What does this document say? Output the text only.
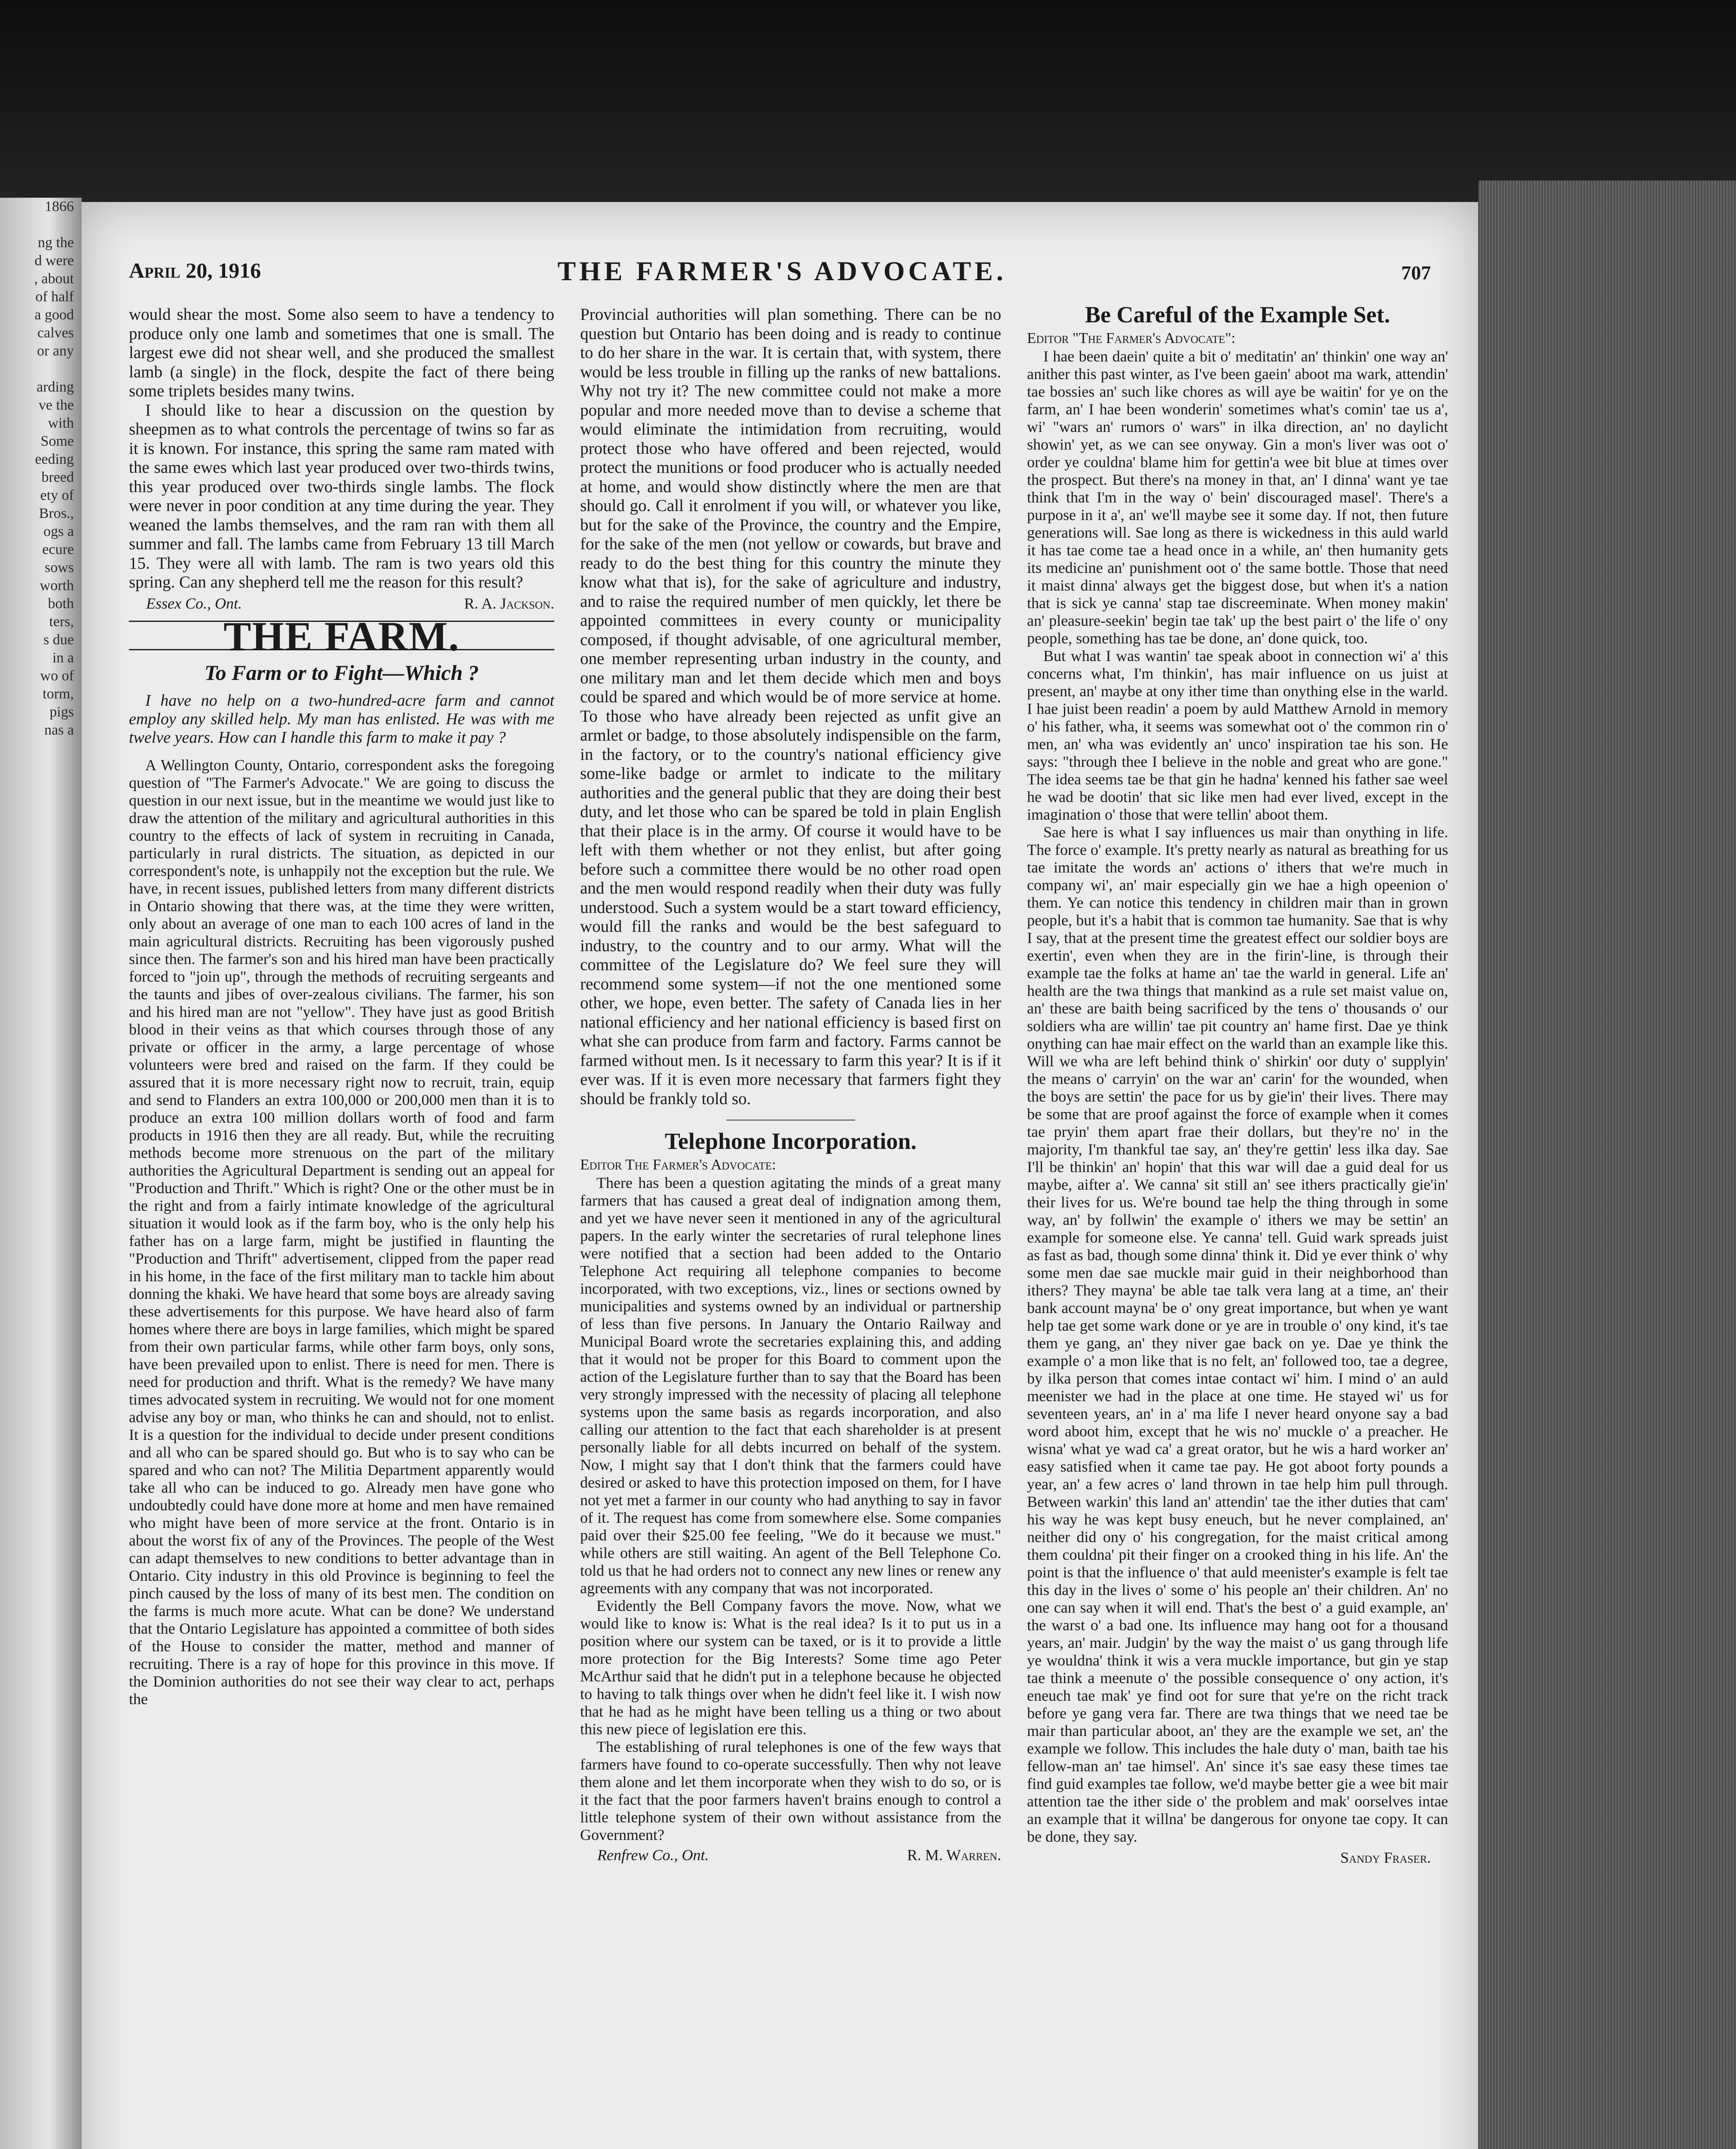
1866

ng the
d were
, about
of half
a good
calves
or any

arding
ve the
with
Some
eeding
breed
ety of
Bros.,
ogs a
ecure
sows
worth
both
ters,
s due
in a
wo of
torm,
pigs
nas a
April 20, 1916	THE FARMER'S ADVOCATE.	707

would shear the most. Some also seem to have a tendency to produce only one lamb and sometimes that one is small. The largest ewe did not shear well, and she produced the smallest lamb (a single) in the flock, despite the fact of there being some triplets besides many twins.

I should like to hear a discussion on the question by sheepmen as to what controls the percentage of twins so far as it is known. For instance, this spring the same ram mated with the same ewes which last year produced over two-thirds twins, this year produced over two-thirds single lambs. The flock were never in poor condition at any time during the year. They weaned the lambs themselves, and the ram ran with them all summer and fall. The lambs came from February 13 till March 15. They were all with lamb. The ram is two years old this spring. Can any shepherd tell me the reason for this result?

Essex Co., Ont.	R. A. Jackson.
THE FARM.
To Farm or to Fight—Which ?

I have no help on a two-hundred-acre farm and cannot employ any skilled help. My man has enlisted. He was with me twelve years. How can I handle this farm to make it pay ?

A Wellington County, Ontario, correspondent asks the foregoing question of "The Farmer's Advocate." We are going to discuss the question in our next issue, but in the meantime we would just like to draw the attention of the military and agricultural authorities in this country to the effects of lack of system in recruiting in Canada, particularly in rural districts. The situation, as depicted in our correspondent's note, is unhappily not the exception but the rule. We have, in recent issues, published letters from many different districts in Ontario showing that there was, at the time they were written, only about an average of one man to each 100 acres of land in the main agricultural districts. Recruiting has been vigorously pushed since then. The farmer's son and his hired man have been practically forced to "join up", through the methods of recruiting sergeants and the taunts and jibes of over-zealous civilians. The farmer, his son and his hired man are not "yellow". They have just as good British blood in their veins as that which courses through those of any private or officer in the army, a large percentage of whose volunteers were bred and raised on the farm. If they could be assured that it is more necessary right now to recruit, train, equip and send to Flanders an extra 100,000 or 200,000 men than it is to produce an extra 100 million dollars worth of food and farm products in 1916 then they are all ready. But, while the recruiting methods become more strenuous on the part of the military authorities the Agricultural Department is sending out an appeal for "Production and Thrift." Which is right? One or the other must be in the right and from a fairly intimate knowledge of the agricultural situation it would look as if the farm boy, who is the only help his father has on a large farm, might be justified in flaunting the "Production and Thrift" advertisement, clipped from the paper read in his home, in the face of the first military man to tackle him about donning the khaki. We have heard that some boys are already saving these advertisements for this purpose. We have heard also of farm homes where there are boys in large families, which might be spared from their own particular farms, while other farm boys, only sons, have been prevailed upon to enlist. There is need for men. There is need for production and thrift. What is the remedy? We have many times advocated system in recruiting. We would not for one moment advise any boy or man, who thinks he can and should, not to enlist. It is a question for the individual to decide under present conditions and all who can be spared should go. But who is to say who can be spared and who can not? The Militia Department apparently would take all who can be induced to go. Already men have gone who undoubtedly could have done more at home and men have remained who might have been of more service at the front. Ontario is in about the worst fix of any of the Provinces. The people of the West can adapt themselves to new conditions to better advantage than in Ontario. City industry in this old Province is beginning to feel the pinch caused by the loss of many of its best men. The condition on the farms is much more acute. What can be done? We understand that the Ontario Legislature has appointed a committee of both sides of the House to consider the matter, method and manner of recruiting. There is a ray of hope for this province in this move. If the Dominion authorities do not see their way clear to act, perhaps the

Provincial authorities will plan something. There can be no question but Ontario has been doing and is ready to continue to do her share in the war. It is certain that, with system, there would be less trouble in filling up the ranks of new battalions. Why not try it? The new committee could not make a more popular and more needed move than to devise a scheme that would eliminate the intimidation from recruiting, would protect those who have offered and been rejected, would protect the munitions or food producer who is actually needed at home, and would show distinctly where the men are that should go. Call it enrolment if you will, or whatever you like, but for the sake of the Province, the country and the Empire, for the sake of the men (not yellow or cowards, but brave and ready to do the best thing for this country the minute they know what that is), for the sake of agriculture and industry, and to raise the required number of men quickly, let there be appointed committees in every county or municipality composed, if thought advisable, of one agricultural member, one member representing urban industry in the county, and one military man and let them decide which men and boys could be spared and which would be of more service at home. To those who have already been rejected as unfit give an armlet or badge, to those absolutely indispensible on the farm, in the factory, or to the country's national efficiency give some-like badge or armlet to indicate to the military authorities and the general public that they are doing their best duty, and let those who can be spared be told in plain English that their place is in the army. Of course it would have to be left with them whether or not they enlist, but after going before such a committee there would be no other road open and the men would respond readily when their duty was fully understood. Such a system would be a start toward efficiency, would fill the ranks and would be the best safeguard to industry, to the country and to our army. What will the committee of the Legislature do? We feel sure they will recommend some system—if not the one mentioned some other, we hope, even better. The safety of Canada lies in her national efficiency and her national efficiency is based first on what she can produce from farm and factory. Farms cannot be farmed without men. Is it necessary to farm this year? It is if it ever was. If it is even more necessary that farmers fight they should be frankly told so.

Telephone Incorporation.

Editor The Farmer's Advocate:

There has been a question agitating the minds of a great many farmers that has caused a great deal of indignation among them, and yet we have never seen it mentioned in any of the agricultural papers. In the early winter the secretaries of rural telephone lines were notified that a section had been added to the Ontario Telephone Act requiring all telephone companies to become incorporated, with two exceptions, viz., lines or sections owned by municipalities and systems owned by an individual or partnership of less than five persons. In January the Ontario Railway and Municipal Board wrote the secretaries explaining this, and adding that it would not be proper for this Board to comment upon the action of the Legislature further than to say that the Board has been very strongly impressed with the necessity of placing all telephone systems upon the same basis as regards incorporation, and also calling our attention to the fact that each shareholder is at present personally liable for all debts incurred on behalf of the system. Now, I might say that I don't think that the farmers could have desired or asked to have this protection imposed on them, for I have not yet met a farmer in our county who had anything to say in favor of it. The request has come from somewhere else. Some companies paid over their $25.00 fee feeling, "We do it because we must." while others are still waiting. An agent of the Bell Telephone Co. told us that he had orders not to connect any new lines or renew any agreements with any company that was not incorporated.

Evidently the Bell Company favors the move. Now, what we would like to know is: What is the real idea? Is it to put us in a position where our system can be taxed, or is it to provide a little more protection for the Big Interests? Some time ago Peter McArthur said that he didn't put in a telephone because he objected to having to talk things over when he didn't feel like it. I wish now that he had as he might have been telling us a thing or two about this new piece of legislation ere this.

The establishing of rural telephones is one of the few ways that farmers have found to co-operate successfully. Then why not leave them alone and let them incorporate when they wish to do so, or is it the fact that the poor farmers haven't brains enough to control a little telephone system of their own without assistance from the Government?

Renfrew Co., Ont.	R. M. Warren.
Be Careful of the Example Set.

Editor "The Farmer's Advocate":

I hae been daein' quite a bit o' meditatin' an' thinkin' one way an' anither this past winter, as I've been gaein' aboot ma wark, attendin' tae bossies an' such like chores as will aye be waitin' for ye on the farm, an' I hae been wonderin' sometimes what's comin' tae us a', wi' "wars an' rumors o' wars" in ilka direction, an' no daylicht showin' yet, as we can see onyway. Gin a mon's liver was oot o' order ye couldna' blame him for gettin'a wee bit blue at times over the prospect. But there's na money in that, an' I dinna' want ye tae think that I'm in the way o' bein' discouraged masel'. There's a purpose in it a', an' we'll maybe see it some day. If not, then future generations will. Sae long as there is wickedness in this auld warld it has tae come tae a head once in a while, an' then humanity gets its medicine an' punishment oot o' the same bottle. Those that need it maist dinna' always get the biggest dose, but when it's a nation that is sick ye canna' stap tae discreeminate. When money makin' an' pleasure-seekin' begin tae tak' up the best pairt o' the life o' ony people, something has tae be done, an' done quick, too.

But what I was wantin' tae speak aboot in connection wi' a' this concerns what, I'm thinkin', has mair influence on us juist at present, an' maybe at ony ither time than onything else in the warld. I hae juist been readin' a poem by auld Matthew Arnold in memory o' his father, wha, it seems was somewhat oot o' the common rin o' men, an' wha was evidently an' unco' inspiration tae his son. He says: "through thee I believe in the noble and great who are gone." The idea seems tae be that gin he hadna' kenned his father sae weel he wad be dootin' that sic like men had ever lived, except in the imagination o' those that were tellin' aboot them.

Sae here is what I say influences us mair than onything in life. The force o' example. It's pretty nearly as natural as breathing for us tae imitate the words an' actions o' ithers that we're much in company wi', an' mair especially gin we hae a high opeenion o' them. Ye can notice this tendency in children mair than in grown people, but it's a habit that is common tae humanity. Sae that is why I say, that at the present time the greatest effect our soldier boys are exertin', even when they are in the firin'-line, is through their example tae the folks at hame an' tae the warld in general. Life an' health are the twa things that mankind as a rule set maist value on, an' these are baith being sacrificed by the tens o' thousands o' our soldiers wha are willin' tae pit country an' hame first. Dae ye think onything can hae mair effect on the warld than an example like this. Will we wha are left behind think o' shirkin' oor duty o' supplyin' the means o' carryin' on the war an' carin' for the wounded, when the boys are settin' the pace for us by gie'in' their lives. There may be some that are proof against the force of example when it comes tae pryin' them apart frae their dollars, but they're no' in the majority, I'm thankful tae say, an' they're gettin' less ilka day. Sae I'll be thinkin' an' hopin' that this war will dae a guid deal for us maybe, aifter a'. We canna' sit still an' see ithers practically gie'in' their lives for us. We're bound tae help the thing through in some way, an' by follwin' the example o' ithers we may be settin' an example for someone else. Ye canna' tell. Guid wark spreads juist as fast as bad, though some dinna' think it. Did ye ever think o' why some men dae sae muckle mair guid in their neighborhood than ithers? They mayna' be able tae talk vera lang at a time, an' their bank account mayna' be o' ony great importance, but when ye want help tae get some wark done or ye are in trouble o' ony kind, it's tae them ye gang, an' they niver gae back on ye. Dae ye think the example o' a mon like that is no felt, an' followed too, tae a degree, by ilka person that comes intae contact wi' him. I mind o' an auld meenister we had in the place at one time. He stayed wi' us for seventeen years, an' in a' ma life I never heard onyone say a bad word aboot him, except that he wis no' muckle o' a preacher. He wisna' what ye wad ca' a great orator, but he wis a hard worker an' easy satisfied when it came tae pay. He got aboot forty pounds a year, an' a few acres o' land thrown in tae help him pull through. Between warkin' this land an' attendin' tae the ither duties that cam' his way he was kept busy eneuch, but he never complained, an' neither did ony o' his congregation, for the maist critical among them couldna' pit their finger on a crooked thing in his life. An' the point is that the influence o' that auld meenister's example is felt tae this day in the lives o' some o' his people an' their children. An' no one can say when it will end. That's the best o' a guid example, an' the warst o' a bad one. Its influence may hang oot for a thousand years, an' mair. Judgin' by the way the maist o' us gang through life ye wouldna' think it wis a vera muckle importance, but gin ye stap tae think a meenute o' the possible consequence o' ony action, it's eneuch tae mak' ye find oot for sure that ye're on the richt track before ye gang vera far. There are twa things that we need tae be mair than particular aboot, an' they are the example we set, an' the example we follow. This includes the hale duty o' man, baith tae his fellow-man an' tae himsel'. An' since it's sae easy these times tae find guid examples tae follow, we'd maybe better gie a wee bit mair attention tae the ither side o' the problem and mak' oorselves intae an example that it willna' be dangerous for onyone tae copy. It can be done, they say.

Sandy Fraser.
